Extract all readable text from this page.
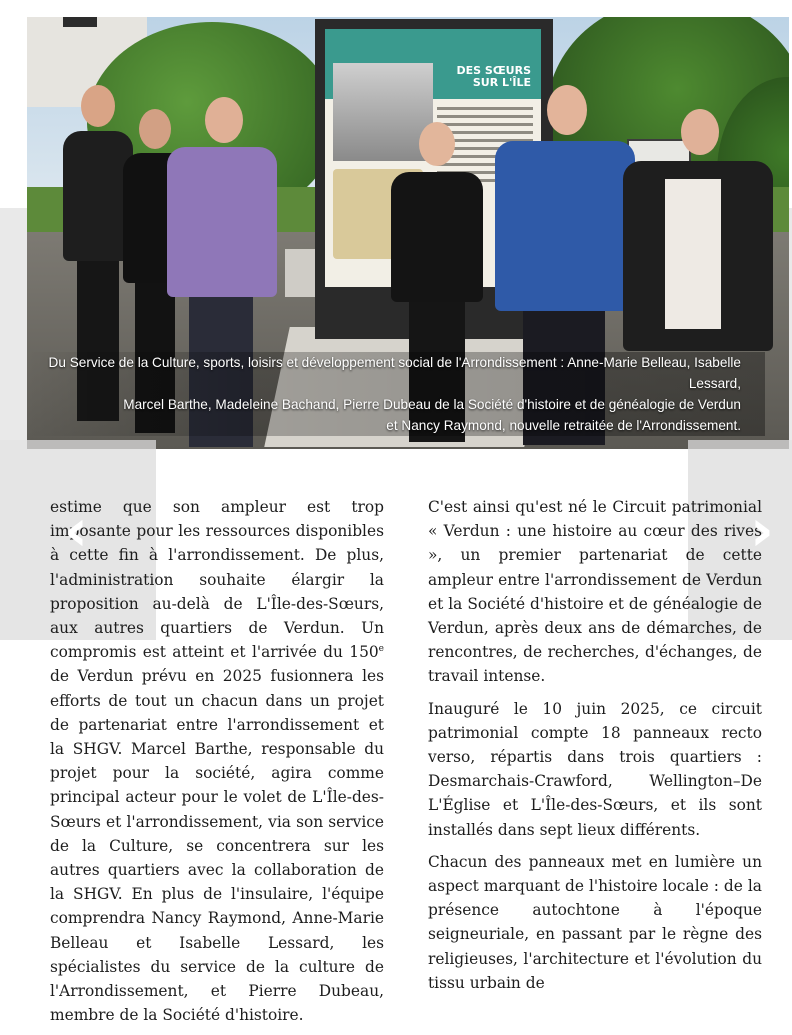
DES SŒURS
SUR L'ÎLE
Du Service de la Culture, sports, loisirs et développement social de l'Arrondissement : Anne-Marie Belleau, Isabelle Lessard,
Marcel Barthe, Madeleine Bachand, Pierre Dubeau de la Société d'histoire et de généalogie de Verdun
et Nancy Raymond, nouvelle retraitée de l'Arrondissement.

estime que son ampleur est trop imposante pour les ressources disponibles à cette fin à l'arrondissement. De plus, l'administration souhaite élargir la proposition au-delà de L'Île-des-Sœurs, aux autres quartiers de Verdun. Un compromis est atteint et l'arrivée du 150e de Verdun prévu en 2025 fusionnera les efforts de tout un chacun dans un projet de partenariat entre l'arrondissement et la SHGV. Marcel Barthe, responsable du projet pour la société, agira comme principal acteur pour le volet de L'Île-des-Sœurs et l'arrondissement, via son service de la Culture, se concentrera sur les autres quartiers avec la collaboration de la SHGV. En plus de l'insulaire, l'équipe comprendra Nancy Raymond, Anne-Marie Belleau et Isabelle Lessard, les spécialistes du service de la culture de l'Arrondissement, et Pierre Dubeau, membre de la Société d'histoire.

C'est ainsi qu'est né le Circuit patrimonial « Verdun : une histoire au cœur des rives », un premier partenariat de cette ampleur entre l'arrondissement de Verdun et la Société d'histoire et de généalogie de Verdun, après deux ans de démarches, de rencontres, de recherches, d'échanges, de travail intense.

Inauguré le 10 juin 2025, ce circuit patrimonial compte 18 panneaux recto verso, répartis dans trois quartiers : Desmarchais-Crawford, Wellington–De L'Église et L'Île-des-Sœurs, et ils sont installés dans sept lieux différents.

Chacun des panneaux met en lumière un aspect marquant de l'histoire locale : de la présence autochtone à l'époque seigneuriale, en passant par le règne des religieuses, l'architecture et l'évolution du tissu urbain de

‹	›
